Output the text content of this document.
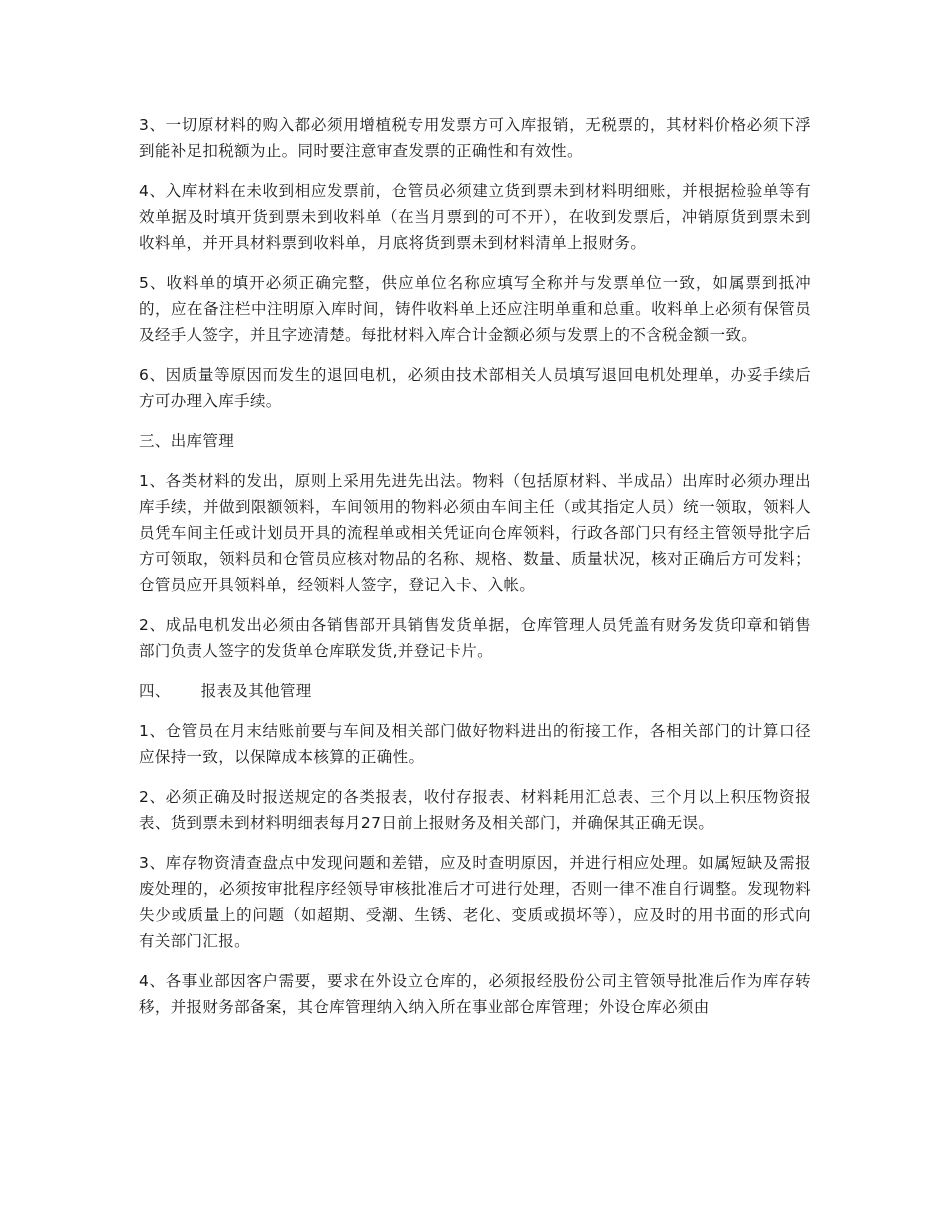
3、一切原材料的购入都必须用增植税专用发票方可入库报销，无税票的，其材料价格必须下浮到能补足扣税额为止。同时要注意审查发票的正确性和有效性。

4、入库材料在未收到相应发票前，仓管员必须建立货到票未到材料明细账，并根据检验单等有效单据及时填开货到票未到收料单（在当月票到的可不开），在收到发票后，冲销原货到票未到收料单，并开具材料票到收料单，月底将货到票未到材料清单上报财务。

5、收料单的填开必须正确完整，供应单位名称应填写全称并与发票单位一致，如属票到抵冲的，应在备注栏中注明原入库时间，铸件收料单上还应注明单重和总重。收料单上必须有保管员及经手人签字，并且字迹清楚。每批材料入库合计金额必须与发票上的不含税金额一致。

6、因质量等原因而发生的退回电机，必须由技术部相关人员填写退回电机处理单，办妥手续后方可办理入库手续。

三、出库管理

1、各类材料的发出，原则上采用先进先出法。物料（包括原材料、半成品）出库时必须办理出库手续，并做到限额领料，车间领用的物料必须由车间主任（或其指定人员）统一领取，领料人员凭车间主任或计划员开具的流程单或相关凭证向仓库领料，行政各部门只有经主管领导批字后方可领取，领料员和仓管员应核对物品的名称、规格、数量、质量状况，核对正确后方可发料；仓管员应开具领料单，经领料人签字，登记入卡、入帐。

2、成品电机发出必须由各销售部开具销售发货单据，仓库管理人员凭盖有财务发货印章和销售部门负责人签字的发货单仓库联发货,并登记卡片。

四、 报表及其他管理

1、仓管员在月末结账前要与车间及相关部门做好物料进出的衔接工作，各相关部门的计算口径应保持一致，以保障成本核算的正确性。

2、必须正确及时报送规定的各类报表，收付存报表、材料耗用汇总表、三个月以上积压物资报表、货到票未到材料明细表每月27日前上报财务及相关部门，并确保其正确无误。

3、库存物资清查盘点中发现问题和差错，应及时查明原因，并进行相应处理。如属短缺及需报废处理的，必须按审批程序经领导审核批准后才可进行处理，否则一律不准自行调整。发现物料失少或质量上的问题（如超期、受潮、生锈、老化、变质或损坏等），应及时的用书面的形式向有关部门汇报。

4、各事业部因客户需要，要求在外设立仓库的，必须报经股份公司主管领导批准后作为库存转移，并报财务部备案，其仓库管理纳入纳入所在事业部仓库管理；外设仓库必须由
